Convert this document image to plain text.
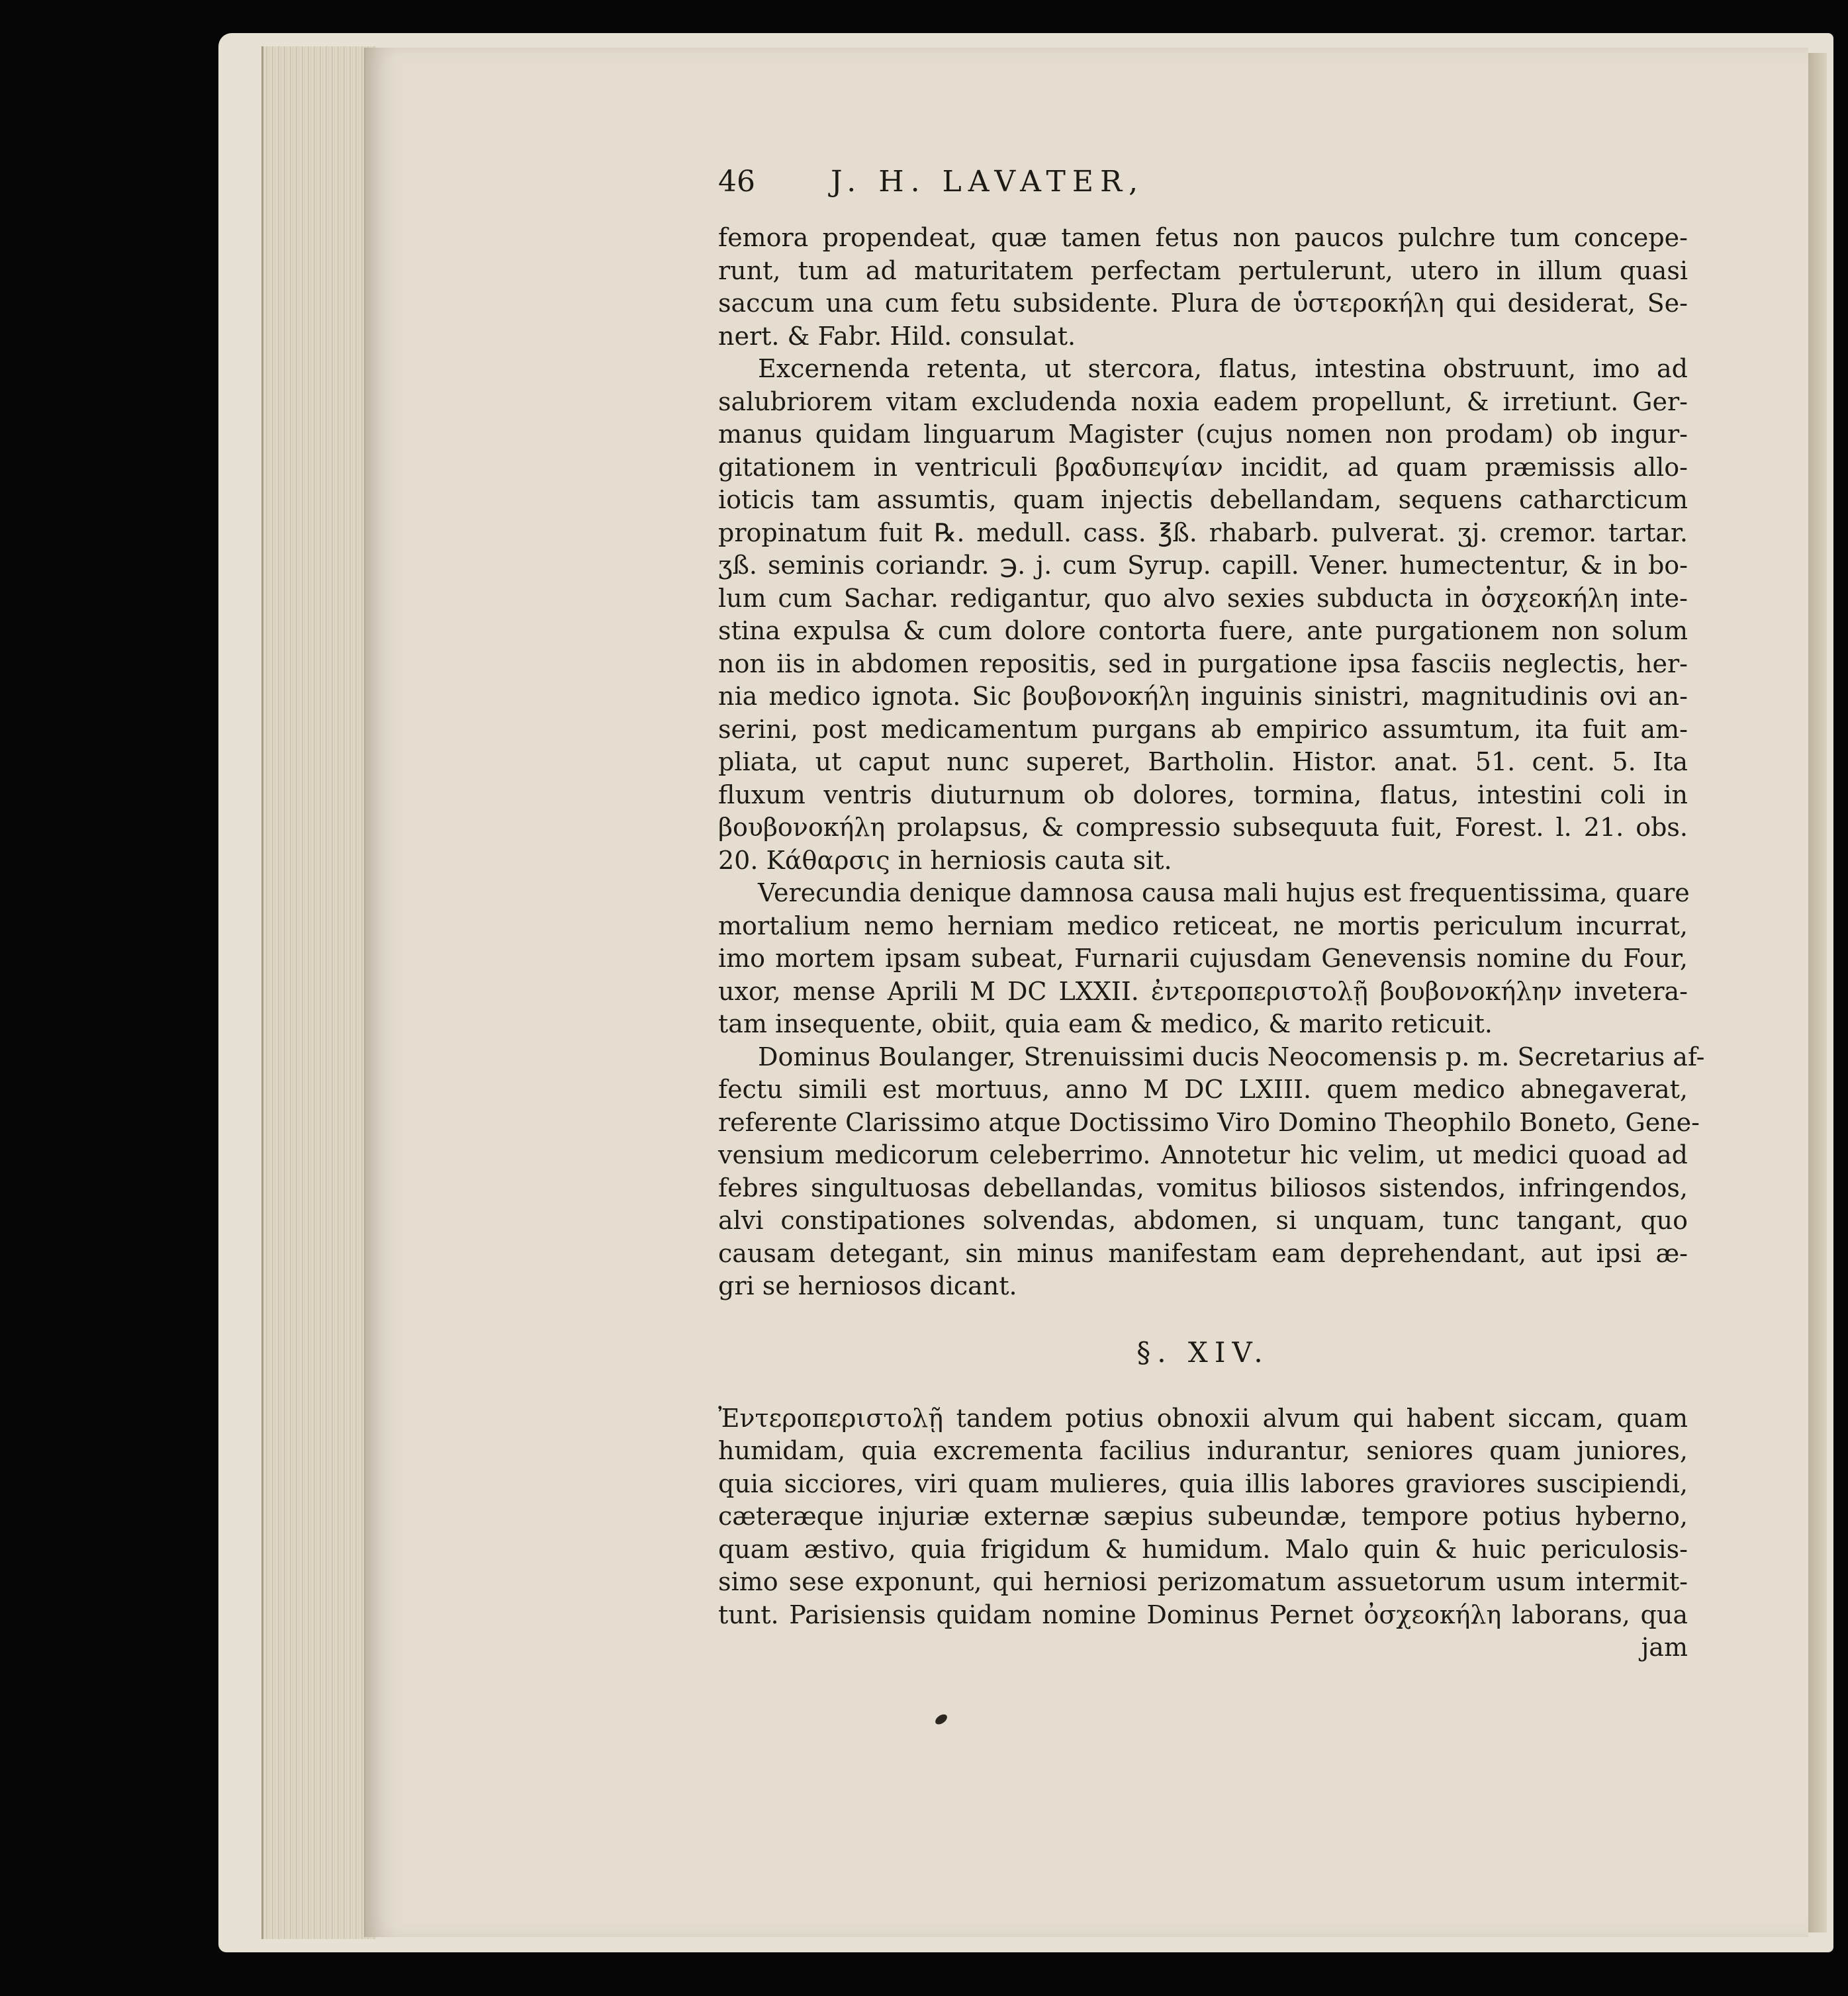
46	J. H. LAVATER,
femora propendeat, quæ tamen fetus non paucos pulchre tum concepe-
runt, tum ad maturitatem perfectam pertulerunt, utero in illum quasi
saccum una cum fetu subsidente. Plura de ὑστεροκήλη qui desiderat, Se-
nert. & Fabr. Hild. consulat.
Excernenda retenta, ut stercora, flatus, intestina obstruunt, imo ad
salubriorem vitam excludenda noxia eadem propellunt, & irretiunt. Ger-
manus quidam linguarum Magister (cujus nomen non prodam) ob ingur-
gitationem in ventriculi βραδυπεψίαν incidit, ad quam præmissis allo-
ioticis tam assumtis, quam injectis debellandam, sequens catharcticum
propinatum fuit ℞. medull. cass. ℥ß. rhabarb. pulverat. ʒj. cremor. tartar.
ʒß. seminis coriandr. ℈. j. cum Syrup. capill. Vener. humectentur, & in bo-
lum cum Sachar. redigantur, quo alvo sexies subducta in ὀσχεοκήλη inte-
stina expulsa & cum dolore contorta fuere, ante purgationem non solum
non iis in abdomen repositis, sed in purgatione ipsa fasciis neglectis, her-
nia medico ignota. Sic βουβονοκήλη inguinis sinistri, magnitudinis ovi an-
serini, post medicamentum purgans ab empirico assumtum, ita fuit am-
pliata, ut caput nunc superet, Bartholin. Histor. anat. 51. cent. 5. Ita
fluxum ventris diuturnum ob dolores, tormina, flatus, intestini coli in
βουβονοκήλη prolapsus, & compressio subsequuta fuit, Forest. l. 21. obs.
20. Κάθαρσις in herniosis cauta sit.
Verecundia denique damnosa causa mali hujus est frequentissima, quare
mortalium nemo herniam medico reticeat, ne mortis periculum incurrat,
imo mortem ipsam subeat, Furnarii cujusdam Genevensis nomine du Four,
uxor, mense Aprili M DC LXXII. ἐντεροπεριστολῇ βουβονοκήλην invetera-
tam insequente, obiit, quia eam & medico, & marito reticuit.
Dominus Boulanger, Strenuissimi ducis Neocomensis p. m. Secretarius af-
fectu simili est mortuus, anno M DC LXIII. quem medico abnegaverat,
referente Clarissimo atque Doctissimo Viro Domino Theophilo Boneto, Gene-
vensium medicorum celeberrimo. Annotetur hic velim, ut medici quoad ad
febres singultuosas debellandas, vomitus biliosos sistendos, infringendos,
alvi constipationes solvendas, abdomen, si unquam, tunc tangant, quo
causam detegant, sin minus manifestam eam deprehendant, aut ipsi æ-
gri se herniosos dicant.
§. XIV.
Ἐντεροπεριστολῇ tandem potius obnoxii alvum qui habent siccam, quam
humidam, quia excrementa facilius indurantur, seniores quam juniores,
quia sicciores, viri quam mulieres, quia illis labores graviores suscipiendi,
cæteræque injuriæ externæ sæpius subeundæ, tempore potius hyberno,
quam æstivo, quia frigidum & humidum. Malo quin & huic periculosis-
simo sese exponunt, qui herniosi perizomatum assuetorum usum intermit-
tunt. Parisiensis quidam nomine Dominus Pernet ὀσχεοκήλη laborans, qua
jam
